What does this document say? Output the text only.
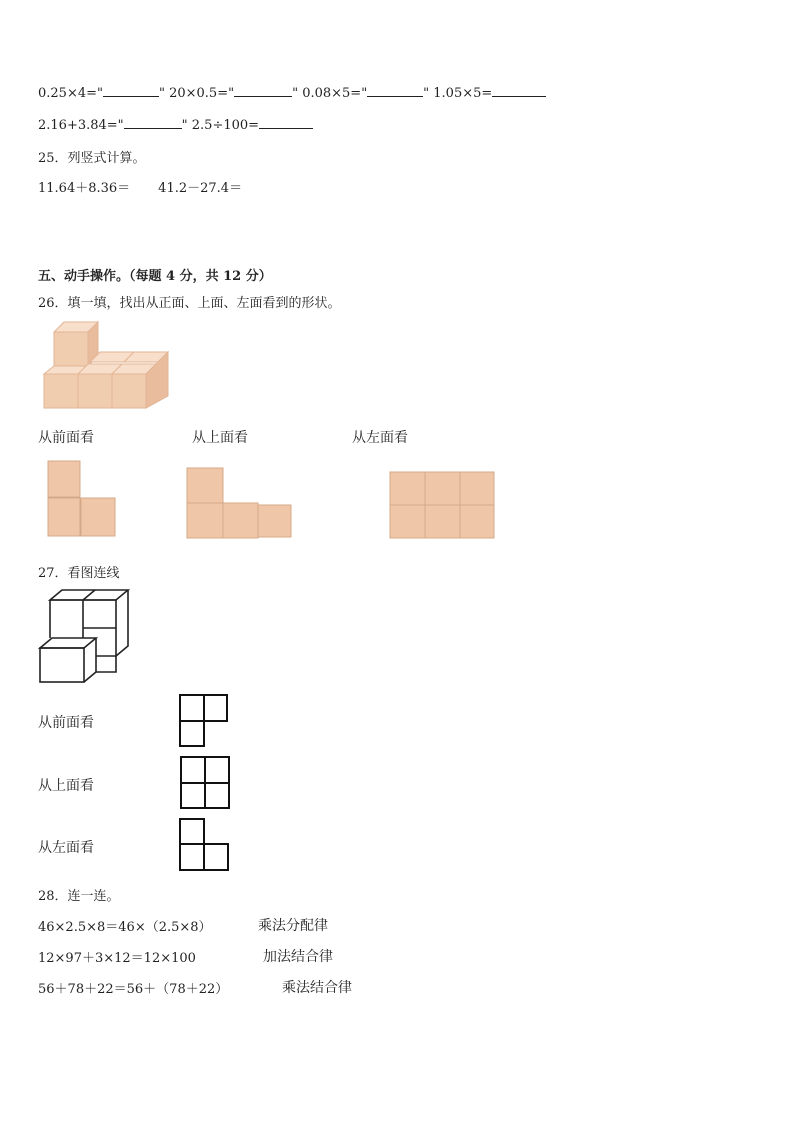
0.25×4="	" 20×0.5="	" 0.08×5="	" 1.05×5=
2.16+3.84="	" 2.5÷100=
25．列竖式计算。
11.64＋8.36＝ 41.2－27.4＝
五、动手操作。（每题 4 分，共 12 分）
26．填一填，找出从正面、上面、左面看到的形状。
从前面看	从上面看	从左面看
27．看图连线
从前面看
从上面看
从左面看
28．连一连。
46×2.5×8＝46×（2.5×8）	乘法分配律
12×97＋3×12＝12×100	加法结合律
56＋78＋22＝56＋（78＋22）	乘法结合律
